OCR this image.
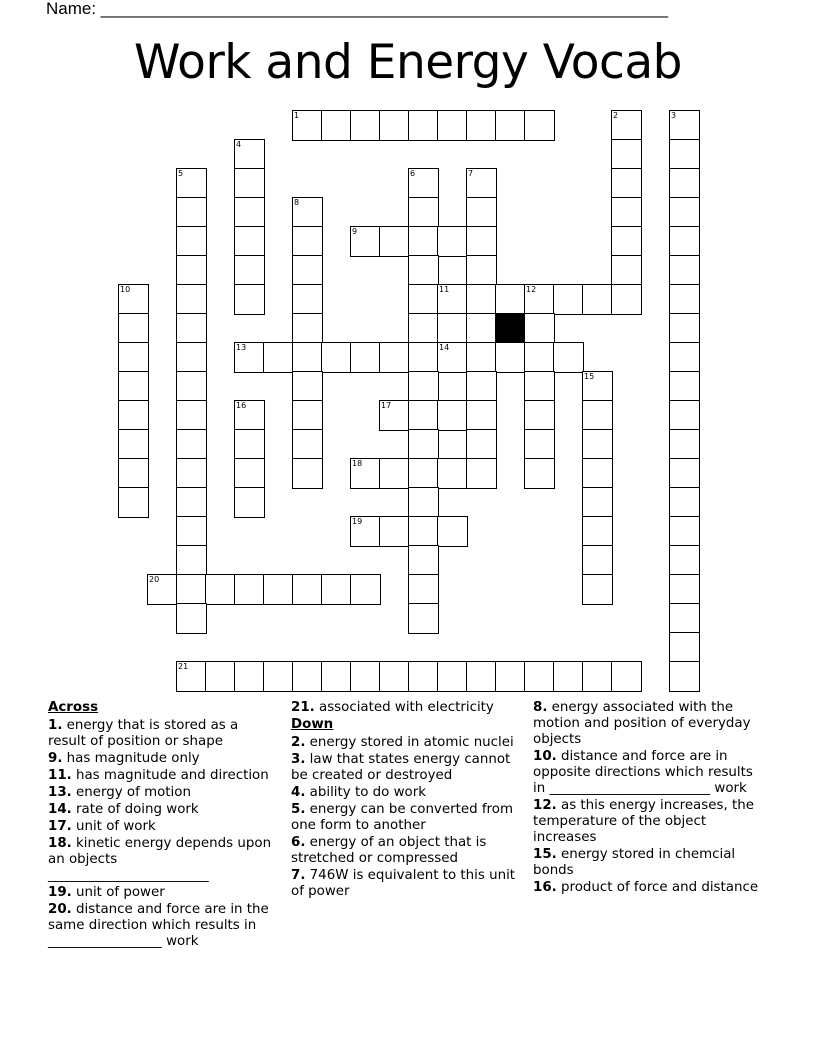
Name: ____________________________________________________________
Work and Energy Vocab
1	2	3
4
5	6	7
8
9
10	11	12
13	14
15
16	17
18
19
20
21
Across
1. energy that is stored as a result of position or shape
9. has magnitude only
11. has magnitude and direction
13. energy of motion
14. rate of doing work
17. unit of work
18. kinetic energy depends upon an objects ________________________
19. unit of power
20. distance and force are in the same direction which results in _________________ work
21. associated with electricity
Down
2. energy stored in atomic nuclei
3. law that states energy cannot be created or destroyed
4. ability to do work
5. energy can be converted from one form to another
6. energy of an object that is stretched or compressed
7. 746W is equivalent to this unit of power
8. energy associated with the motion and position of everyday objects
10. distance and force are in opposite directions which results in ________________________ work
12. as this energy increases, the temperature of the object increases
15. energy stored in chemcial bonds
16. product of force and distance
